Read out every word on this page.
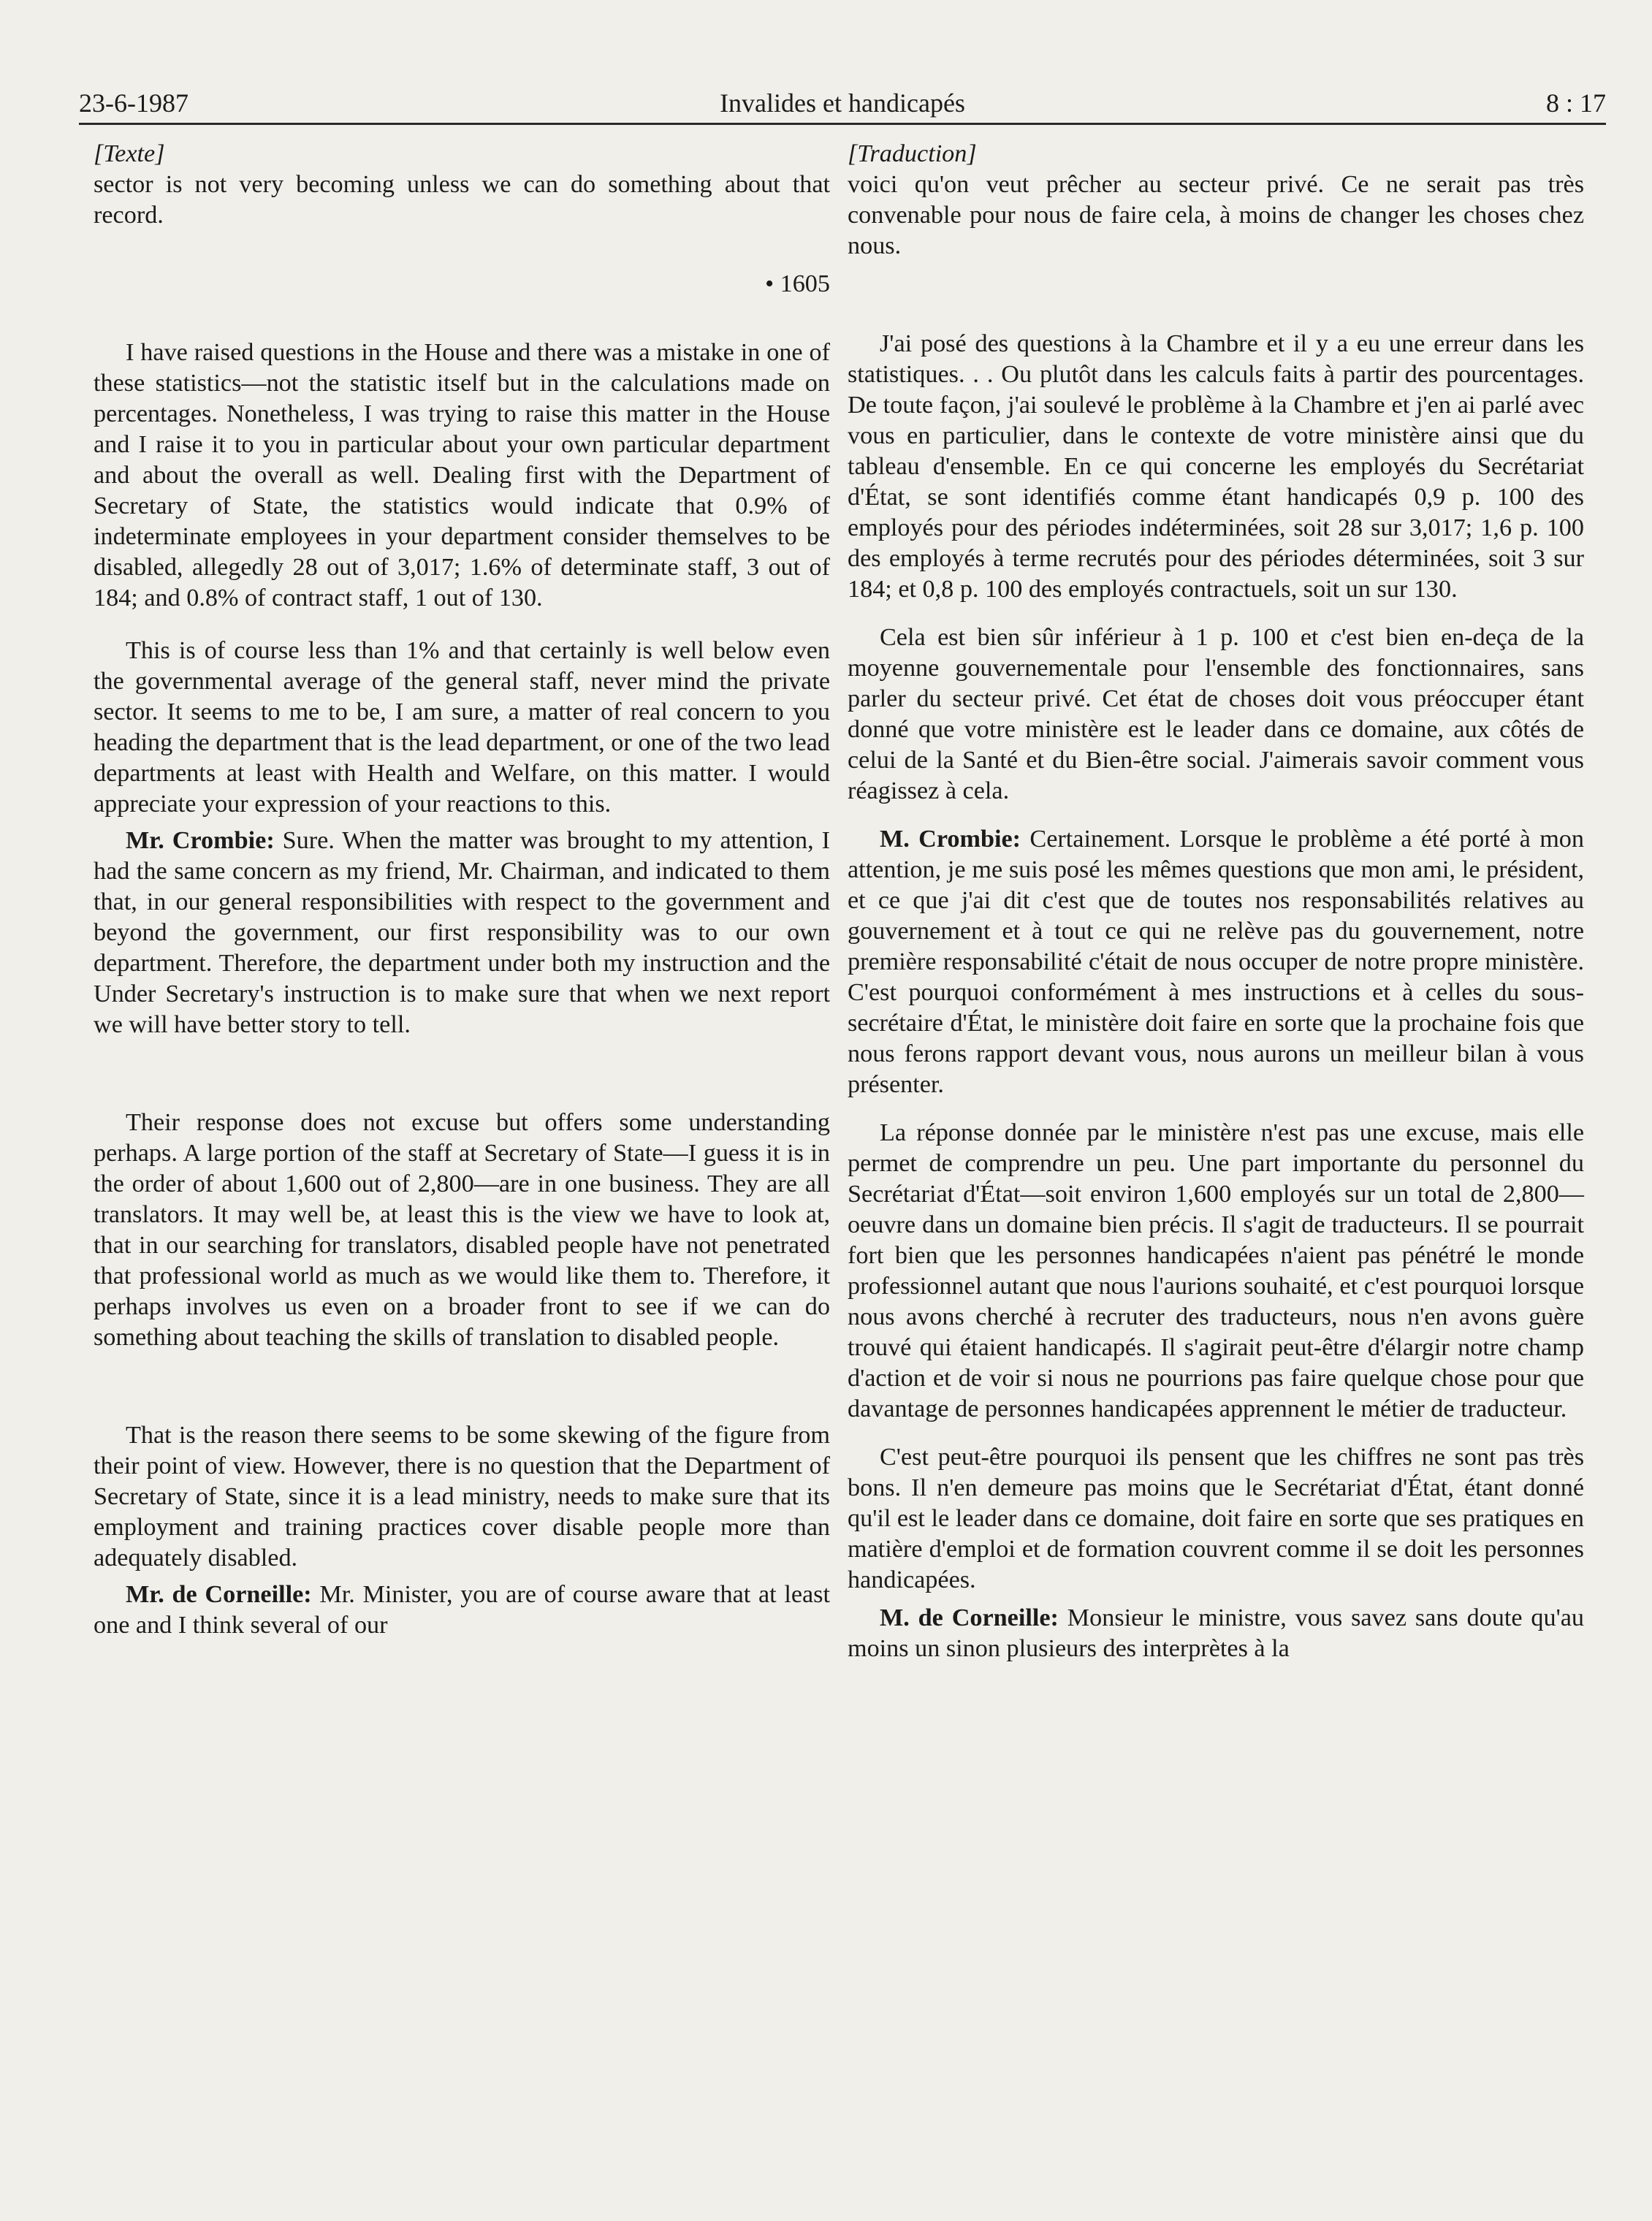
23-6-1987	Invalides et handicapés	8 : 17

[Texte]

sector is not very becoming unless we can do something about that record.

• 1605

I have raised questions in the House and there was a mistake in one of these statistics—not the statistic itself but in the calculations made on percentages. Nonetheless, I was trying to raise this matter in the House and I raise it to you in particular about your own particular department and about the overall as well. Dealing first with the Department of Secretary of State, the statistics would indicate that 0.9% of indeterminate employees in your department consider themselves to be disabled, allegedly 28 out of 3,017; 1.6% of determinate staff, 3 out of 184; and 0.8% of contract staff, 1 out of 130.

This is of course less than 1% and that certainly is well below even the governmental average of the general staff, never mind the private sector. It seems to me to be, I am sure, a matter of real concern to you heading the department that is the lead department, or one of the two lead departments at least with Health and Welfare, on this matter. I would appreciate your expression of your reactions to this.

Mr. Crombie: Sure. When the matter was brought to my attention, I had the same concern as my friend, Mr. Chairman, and indicated to them that, in our general responsibilities with respect to the government and beyond the government, our first responsibility was to our own department. Therefore, the department under both my instruction and the Under Secretary's instruction is to make sure that when we next report we will have better story to tell.

Their response does not excuse but offers some understanding perhaps. A large portion of the staff at Secretary of State—I guess it is in the order of about 1,600 out of 2,800—are in one business. They are all translators. It may well be, at least this is the view we have to look at, that in our searching for translators, disabled people have not penetrated that professional world as much as we would like them to. Therefore, it perhaps involves us even on a broader front to see if we can do something about teaching the skills of translation to disabled people.

That is the reason there seems to be some skewing of the figure from their point of view. However, there is no question that the Department of Secretary of State, since it is a lead ministry, needs to make sure that its employment and training practices cover disable people more than adequately disabled.

Mr. de Corneille: Mr. Minister, you are of course aware that at least one and I think several of our

[Traduction]

voici qu'on veut prêcher au secteur privé. Ce ne serait pas très convenable pour nous de faire cela, à moins de changer les choses chez nous.

J'ai posé des questions à la Chambre et il y a eu une erreur dans les statistiques. . . Ou plutôt dans les calculs faits à partir des pourcentages. De toute façon, j'ai soulevé le problème à la Chambre et j'en ai parlé avec vous en particulier, dans le contexte de votre ministère ainsi que du tableau d'ensemble. En ce qui concerne les employés du Secrétariat d'État, se sont identifiés comme étant handicapés 0,9 p. 100 des employés pour des périodes indéterminées, soit 28 sur 3,017; 1,6 p. 100 des employés à terme recrutés pour des périodes déterminées, soit 3 sur 184; et 0,8 p. 100 des employés contractuels, soit un sur 130.

Cela est bien sûr inférieur à 1 p. 100 et c'est bien en-deça de la moyenne gouvernementale pour l'ensemble des fonctionnaires, sans parler du secteur privé. Cet état de choses doit vous préoccuper étant donné que votre ministère est le leader dans ce domaine, aux côtés de celui de la Santé et du Bien-être social. J'aimerais savoir comment vous réagissez à cela.

M. Crombie: Certainement. Lorsque le problème a été porté à mon attention, je me suis posé les mêmes questions que mon ami, le président, et ce que j'ai dit c'est que de toutes nos responsabilités relatives au gouvernement et à tout ce qui ne relève pas du gouvernement, notre première responsabilité c'était de nous occuper de notre propre ministère. C'est pourquoi conformément à mes instructions et à celles du sous-secrétaire d'État, le ministère doit faire en sorte que la prochaine fois que nous ferons rapport devant vous, nous aurons un meilleur bilan à vous présenter.

La réponse donnée par le ministère n'est pas une excuse, mais elle permet de comprendre un peu. Une part importante du personnel du Secrétariat d'État—soit environ 1,600 employés sur un total de 2,800—oeuvre dans un domaine bien précis. Il s'agit de traducteurs. Il se pourrait fort bien que les personnes handicapées n'aient pas pénétré le monde professionnel autant que nous l'aurions souhaité, et c'est pourquoi lorsque nous avons cherché à recruter des traducteurs, nous n'en avons guère trouvé qui étaient handicapés. Il s'agirait peut-être d'élargir notre champ d'action et de voir si nous ne pourrions pas faire quelque chose pour que davantage de personnes handicapées apprennent le métier de traducteur.

C'est peut-être pourquoi ils pensent que les chiffres ne sont pas très bons. Il n'en demeure pas moins que le Secrétariat d'État, étant donné qu'il est le leader dans ce domaine, doit faire en sorte que ses pratiques en matière d'emploi et de formation couvrent comme il se doit les personnes handicapées.

M. de Corneille: Monsieur le ministre, vous savez sans doute qu'au moins un sinon plusieurs des interprètes à la
